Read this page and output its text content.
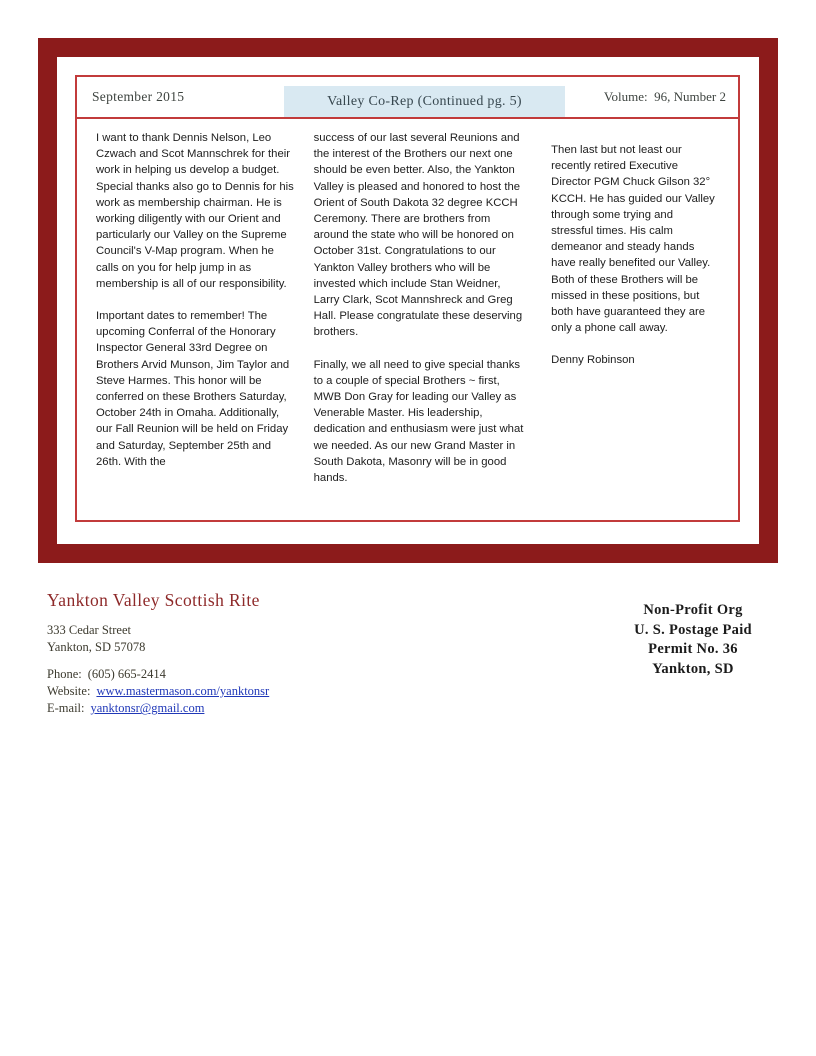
September 2015	Valley Co-Rep (Continued pg. 5)	Volume:  96, Number 2

I want to thank Dennis Nelson, Leo Czwach and Scot Mannschrek for their work in helping us develop a budget. Special thanks also go to Dennis for his work as membership chairman. He is working diligently with our Orient and particularly our Valley on the Supreme Council's V-Map program. When he calls on you for help jump in as membership is all of our responsibility.

Important dates to remember! The upcoming Conferral of the Honorary Inspector General 33rd Degree on Brothers Arvid Munson, Jim Taylor and Steve Harmes. This honor will be conferred on these Brothers Saturday, October 24th in Omaha. Additionally, our Fall Reunion will be held on Friday and Saturday, September 25th and 26th. With the

success of our last several Reunions and the interest of the Brothers our next one should be even better. Also, the Yankton Valley is pleased and honored to host the Orient of South Dakota 32 degree KCCH Ceremony. There are brothers from around the state who will be honored on October 31st. Congratulations to our Yankton Valley brothers who will be invested which include Stan Weidner, Larry Clark, Scot Mannshreck and Greg Hall. Please congratulate these deserving brothers.

Finally, we all need to give special thanks to a couple of special Brothers ~ first, MWB Don Gray for leading our Valley as Venerable Master. His leadership, dedication and enthusiasm were just what we needed. As our new Grand Master in South Dakota, Masonry will be in good hands.

Then last but not least our recently retired Executive Director PGM Chuck Gilson 32° KCCH. He has guided our Valley through some trying and stressful times. His calm demeanor and steady hands have really benefited our Valley. Both of these Brothers will be missed in these positions, but both have guaranteed they are only a phone call away.

Denny Robinson

Yankton Valley Scottish Rite
333 Cedar Street
Yankton, SD 57078
Phone: (605) 665-2414
Website: www.mastermason.com/yanktonsr
E-mail: yanktonsr@gmail.com
Non-Profit Org
U. S. Postage Paid
Permit No. 36
Yankton, SD
